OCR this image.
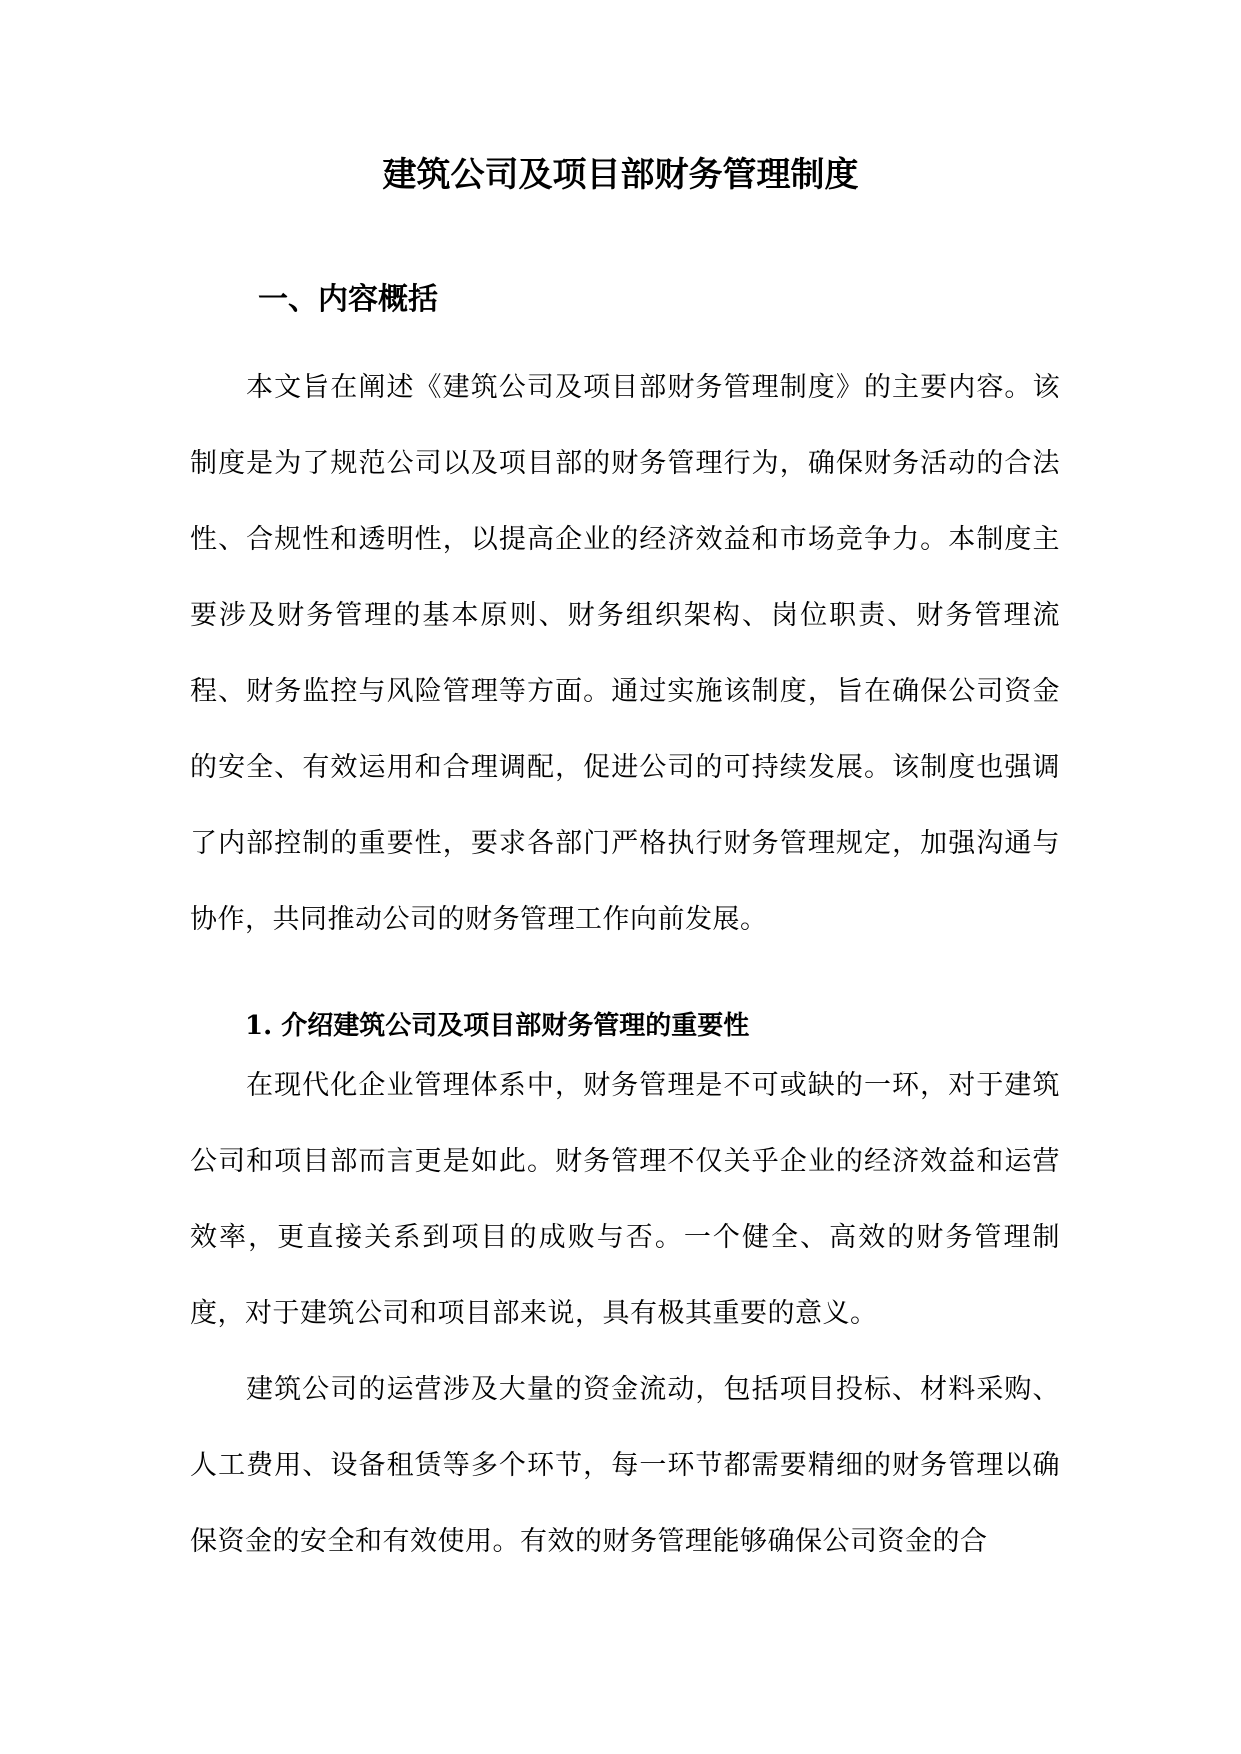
建筑公司及项目部财务管理制度
一、内容概括

本文旨在阐述《建筑公司及项目部财务管理制度》的主要内容。该制度是为了规范公司以及项目部的财务管理行为，确保财务活动的合法性、合规性和透明性，以提高企业的经济效益和市场竞争力。本制度主要涉及财务管理的基本原则、财务组织架构、岗位职责、财务管理流程、财务监控与风险管理等方面。通过实施该制度，旨在确保公司资金的安全、有效运用和合理调配，促进公司的可持续发展。该制度也强调了内部控制的重要性，要求各部门严格执行财务管理规定，加强沟通与协作，共同推动公司的财务管理工作向前发展。

1. 介绍建筑公司及项目部财务管理的重要性

在现代化企业管理体系中，财务管理是不可或缺的一环，对于建筑公司和项目部而言更是如此。财务管理不仅关乎企业的经济效益和运营效率，更直接关系到项目的成败与否。一个健全、高效的财务管理制度，对于建筑公司和项目部来说，具有极其重要的意义。

建筑公司的运营涉及大量的资金流动，包括项目投标、材料采购、人工费用、设备租赁等多个环节，每一环节都需要精细的财务管理以确保资金的安全和有效使用。有效的财务管理能够确保公司资金的合
